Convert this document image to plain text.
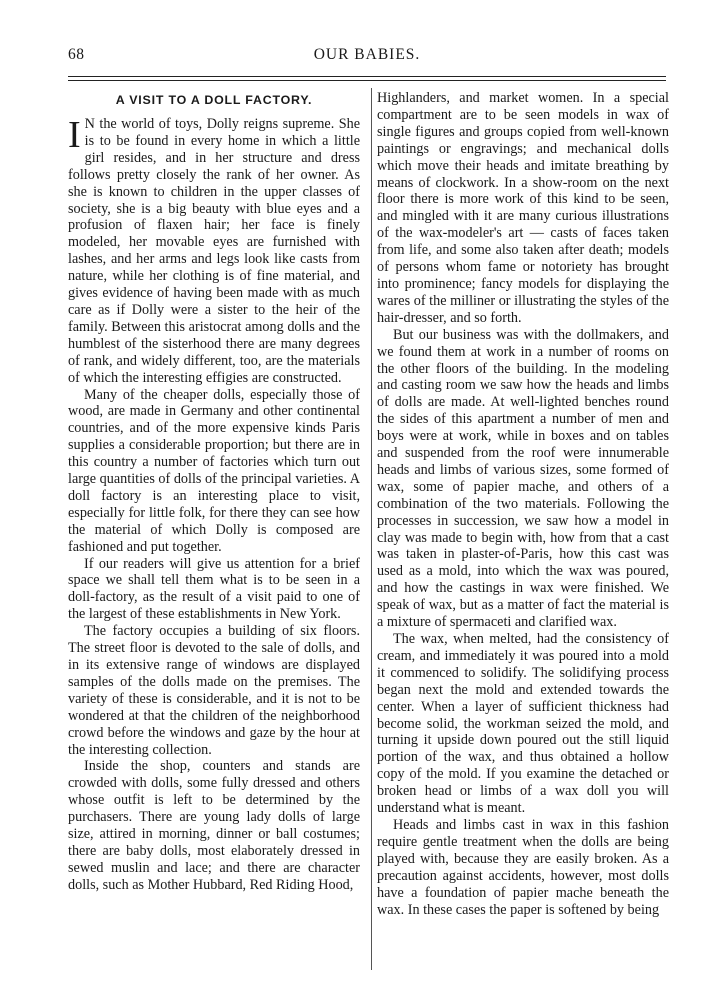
68	OUR BABIES.
A VISIT TO A DOLL FACTORY.

I N the world of toys, Dolly reigns supreme. She is to be found in every home in which a little girl resides, and in her structure and dress follows pretty closely the rank of her owner. As she is known to children in the upper classes of society, she is a big beauty with blue eyes and a profusion of flaxen hair; her face is finely modeled, her movable eyes are furnished with lashes, and her arms and legs look like casts from nature, while her clothing is of fine material, and gives evidence of having been made with as much care as if Dolly were a sister to the heir of the family. Between this aristocrat among dolls and the humblest of the sisterhood there are many degrees of rank, and widely different, too, are the materials of which the interesting effigies are constructed.

Many of the cheaper dolls, especially those of wood, are made in Germany and other continental countries, and of the more expensive kinds Paris supplies a considerable proportion; but there are in this country a number of factories which turn out large quantities of dolls of the principal varieties. A doll factory is an interesting place to visit, especially for little folk, for there they can see how the material of which Dolly is composed are fashioned and put together.

If our readers will give us attention for a brief space we shall tell them what is to be seen in a doll-factory, as the result of a visit paid to one of the largest of these establishments in New York.

The factory occupies a building of six floors. The street floor is devoted to the sale of dolls, and in its extensive range of windows are displayed samples of the dolls made on the premises. The variety of these is considerable, and it is not to be wondered at that the children of the neighborhood crowd before the windows and gaze by the hour at the interesting collection.

Inside the shop, counters and stands are crowded with dolls, some fully dressed and others whose outfit is left to be determined by the purchasers. There are young lady dolls of large size, attired in morning, dinner or ball costumes; there are baby dolls, most elaborately dressed in sewed muslin and lace; and there are character dolls, such as Mother Hubbard, Red Riding Hood,

Highlanders, and market women. In a special compartment are to be seen models in wax of single figures and groups copied from well-known paintings or engravings; and mechanical dolls which move their heads and imitate breathing by means of clockwork. In a show-room on the next floor there is more work of this kind to be seen, and mingled with it are many curious illustrations of the wax-modeler's art — casts of faces taken from life, and some also taken after death; models of persons whom fame or notoriety has brought into prominence; fancy models for displaying the wares of the milliner or illustrating the styles of the hair-dresser, and so forth.

But our business was with the dollmakers, and we found them at work in a number of rooms on the other floors of the building. In the modeling and casting room we saw how the heads and limbs of dolls are made. At well-lighted benches round the sides of this apartment a number of men and boys were at work, while in boxes and on tables and suspended from the roof were innumerable heads and limbs of various sizes, some formed of wax, some of papier mache, and others of a combination of the two materials. Following the processes in succession, we saw how a model in clay was made to begin with, how from that a cast was taken in plaster-of-Paris, how this cast was used as a mold, into which the wax was poured, and how the castings in wax were finished. We speak of wax, but as a matter of fact the material is a mixture of spermaceti and clarified wax.

The wax, when melted, had the consistency of cream, and immediately it was poured into a mold it commenced to solidify. The solidifying process began next the mold and extended towards the center. When a layer of sufficient thickness had become solid, the workman seized the mold, and turning it upside down poured out the still liquid portion of the wax, and thus obtained a hollow copy of the mold. If you examine the detached or broken head or limbs of a wax doll you will understand what is meant.

Heads and limbs cast in wax in this fashion require gentle treatment when the dolls are being played with, because they are easily broken. As a precaution against accidents, however, most dolls have a foundation of papier mache beneath the wax. In these cases the paper is softened by being
